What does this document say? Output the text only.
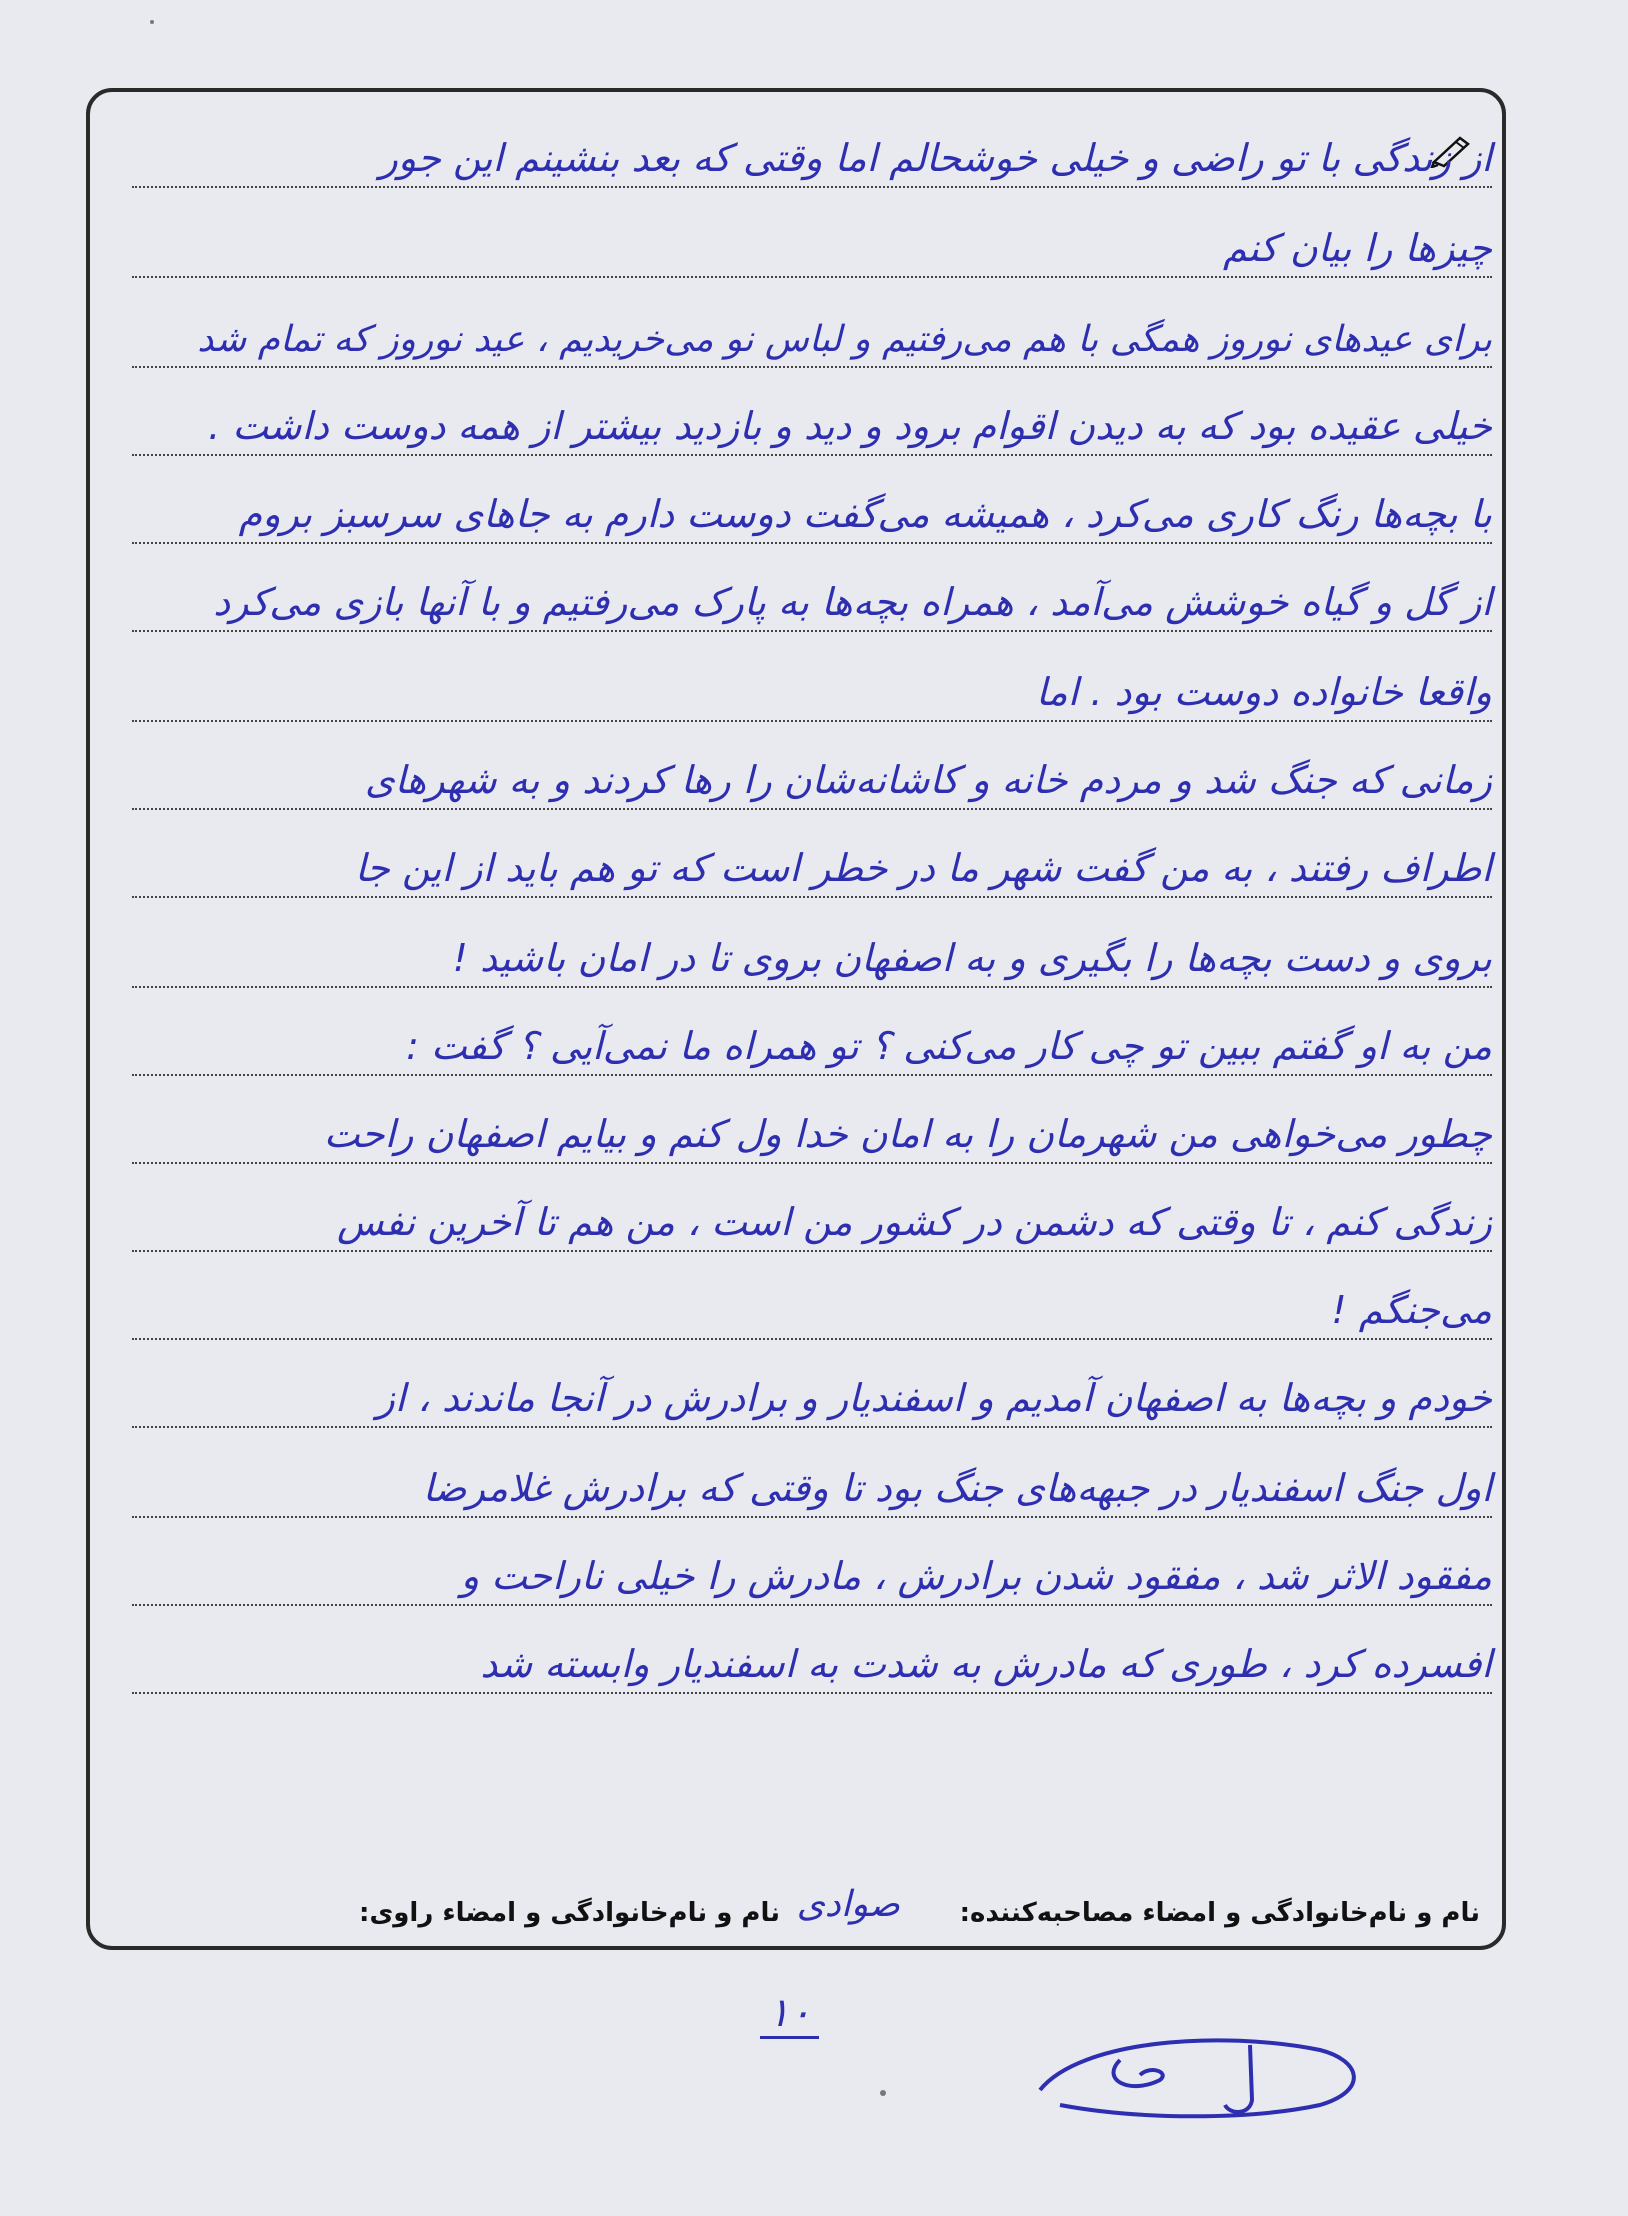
از زندگی با تو راضی و خیلی خوشحالم اما وقتی که بعد بنشینم این جور
چیزها را بیان کنم
برای عیدهای نوروز همگی با هم می‌رفتیم و لباس نو می‌خریدیم ، عید نوروز که تمام شد
خیلی عقیده بود که به دیدن اقوام برود و دید و بازدید بیشتر از همه دوست داشت .
با بچه‌ها رنگ کاری می‌کرد ، همیشه می‌گفت دوست دارم به جاهای سرسبز بروم
از گل و گیاه خوشش می‌آمد ، همراه بچه‌ها به پارک می‌رفتیم و با آنها بازی می‌کرد
واقعا خانواده دوست بود . اما
زمانی که جنگ شد و مردم خانه و کاشانه‌شان را رها کردند و به شهرهای
اطراف رفتند ، به من گفت شهر ما در خطر است که تو هم باید از این جا
بروی و دست بچه‌ها را بگیری و به اصفهان بروی تا در امان باشید !
من به او گفتم ببین تو چی کار می‌کنی ؟ تو همراه ما نمی‌آیی ؟ گفت :
چطور می‌خواهی من شهرمان را به امان خدا ول کنم و بیایم اصفهان راحت
زندگی کنم ، تا وقتی که دشمن در کشور من است ، من هم تا آخرین نفس
می‌جنگم !
خودم و بچه‌ها به اصفهان آمدیم و اسفندیار و برادرش در آنجا ماندند ، از
اول جنگ اسفندیار در جبهه‌های جنگ بود تا وقتی که برادرش غلامرضا
مفقود الاثر شد ، مفقود شدن برادرش ، مادرش را خیلی ناراحت و
افسرده کرد ، طوری که مادرش به شدت به اسفندیار وابسته شد
نام و نام‌خانوادگی و امضاء مصاحبه‌کننده:
صوادی
نام و نام‌خانوادگی و امضاء راوی:
۱۰
